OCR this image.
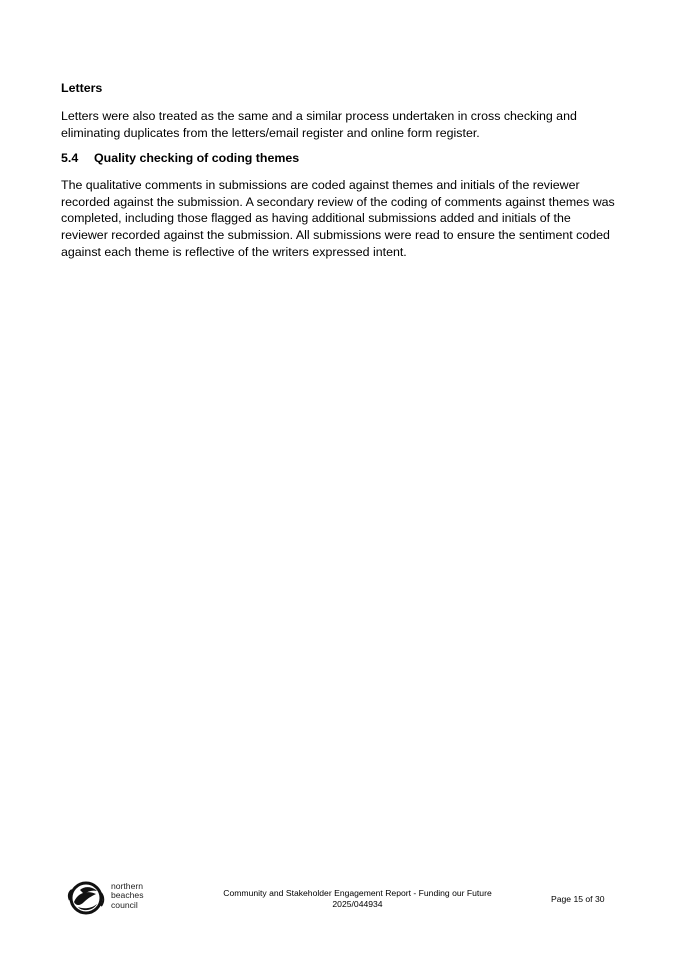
Letters

Letters were also treated as the same and a similar process undertaken in cross checking and eliminating duplicates from the letters/email register and online form register.

5.4	Quality checking of coding themes

The qualitative comments in submissions are coded against themes and initials of the reviewer recorded against the submission. A secondary review of the coding of comments against themes was completed, including those flagged as having additional submissions added and initials of the reviewer recorded against the submission. All submissions were read to ensure the sentiment coded against each theme is reflective of the writers expressed intent.

northern
beaches
council
Community and Stakeholder Engagement Report - Funding our Future
2025/044934	Page 15 of 30
